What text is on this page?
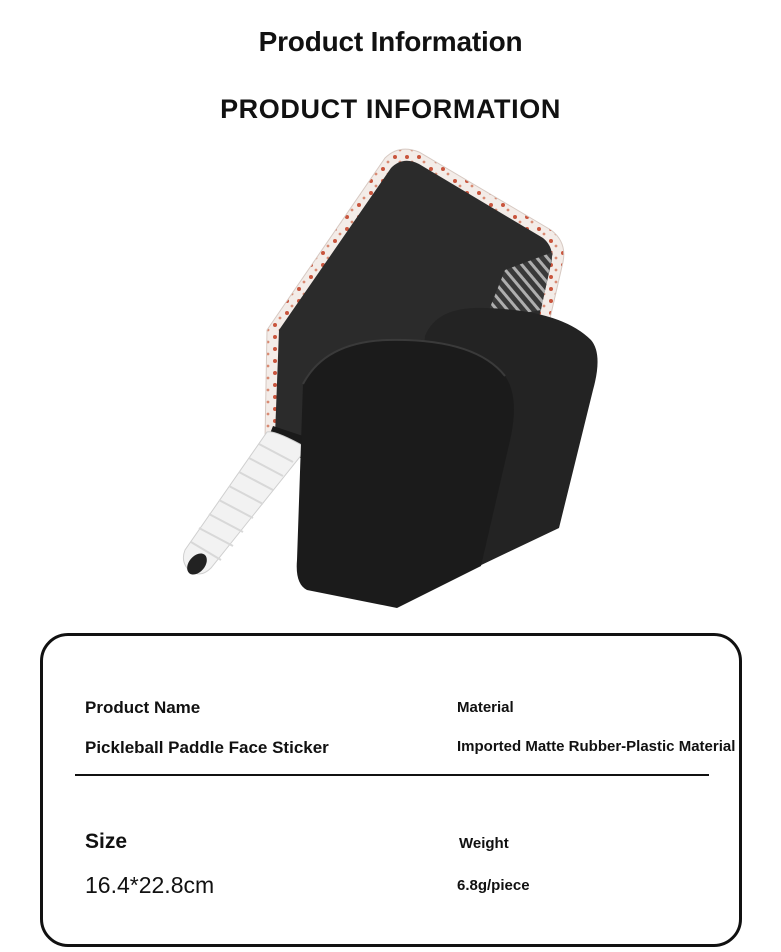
Product Information
PRODUCT INFORMATION
Product Name
Pickleball Paddle Face Sticker
Material
Imported Matte Rubber-Plastic Material
Size
16.4*22.8cm
Weight
6.8g/piece
